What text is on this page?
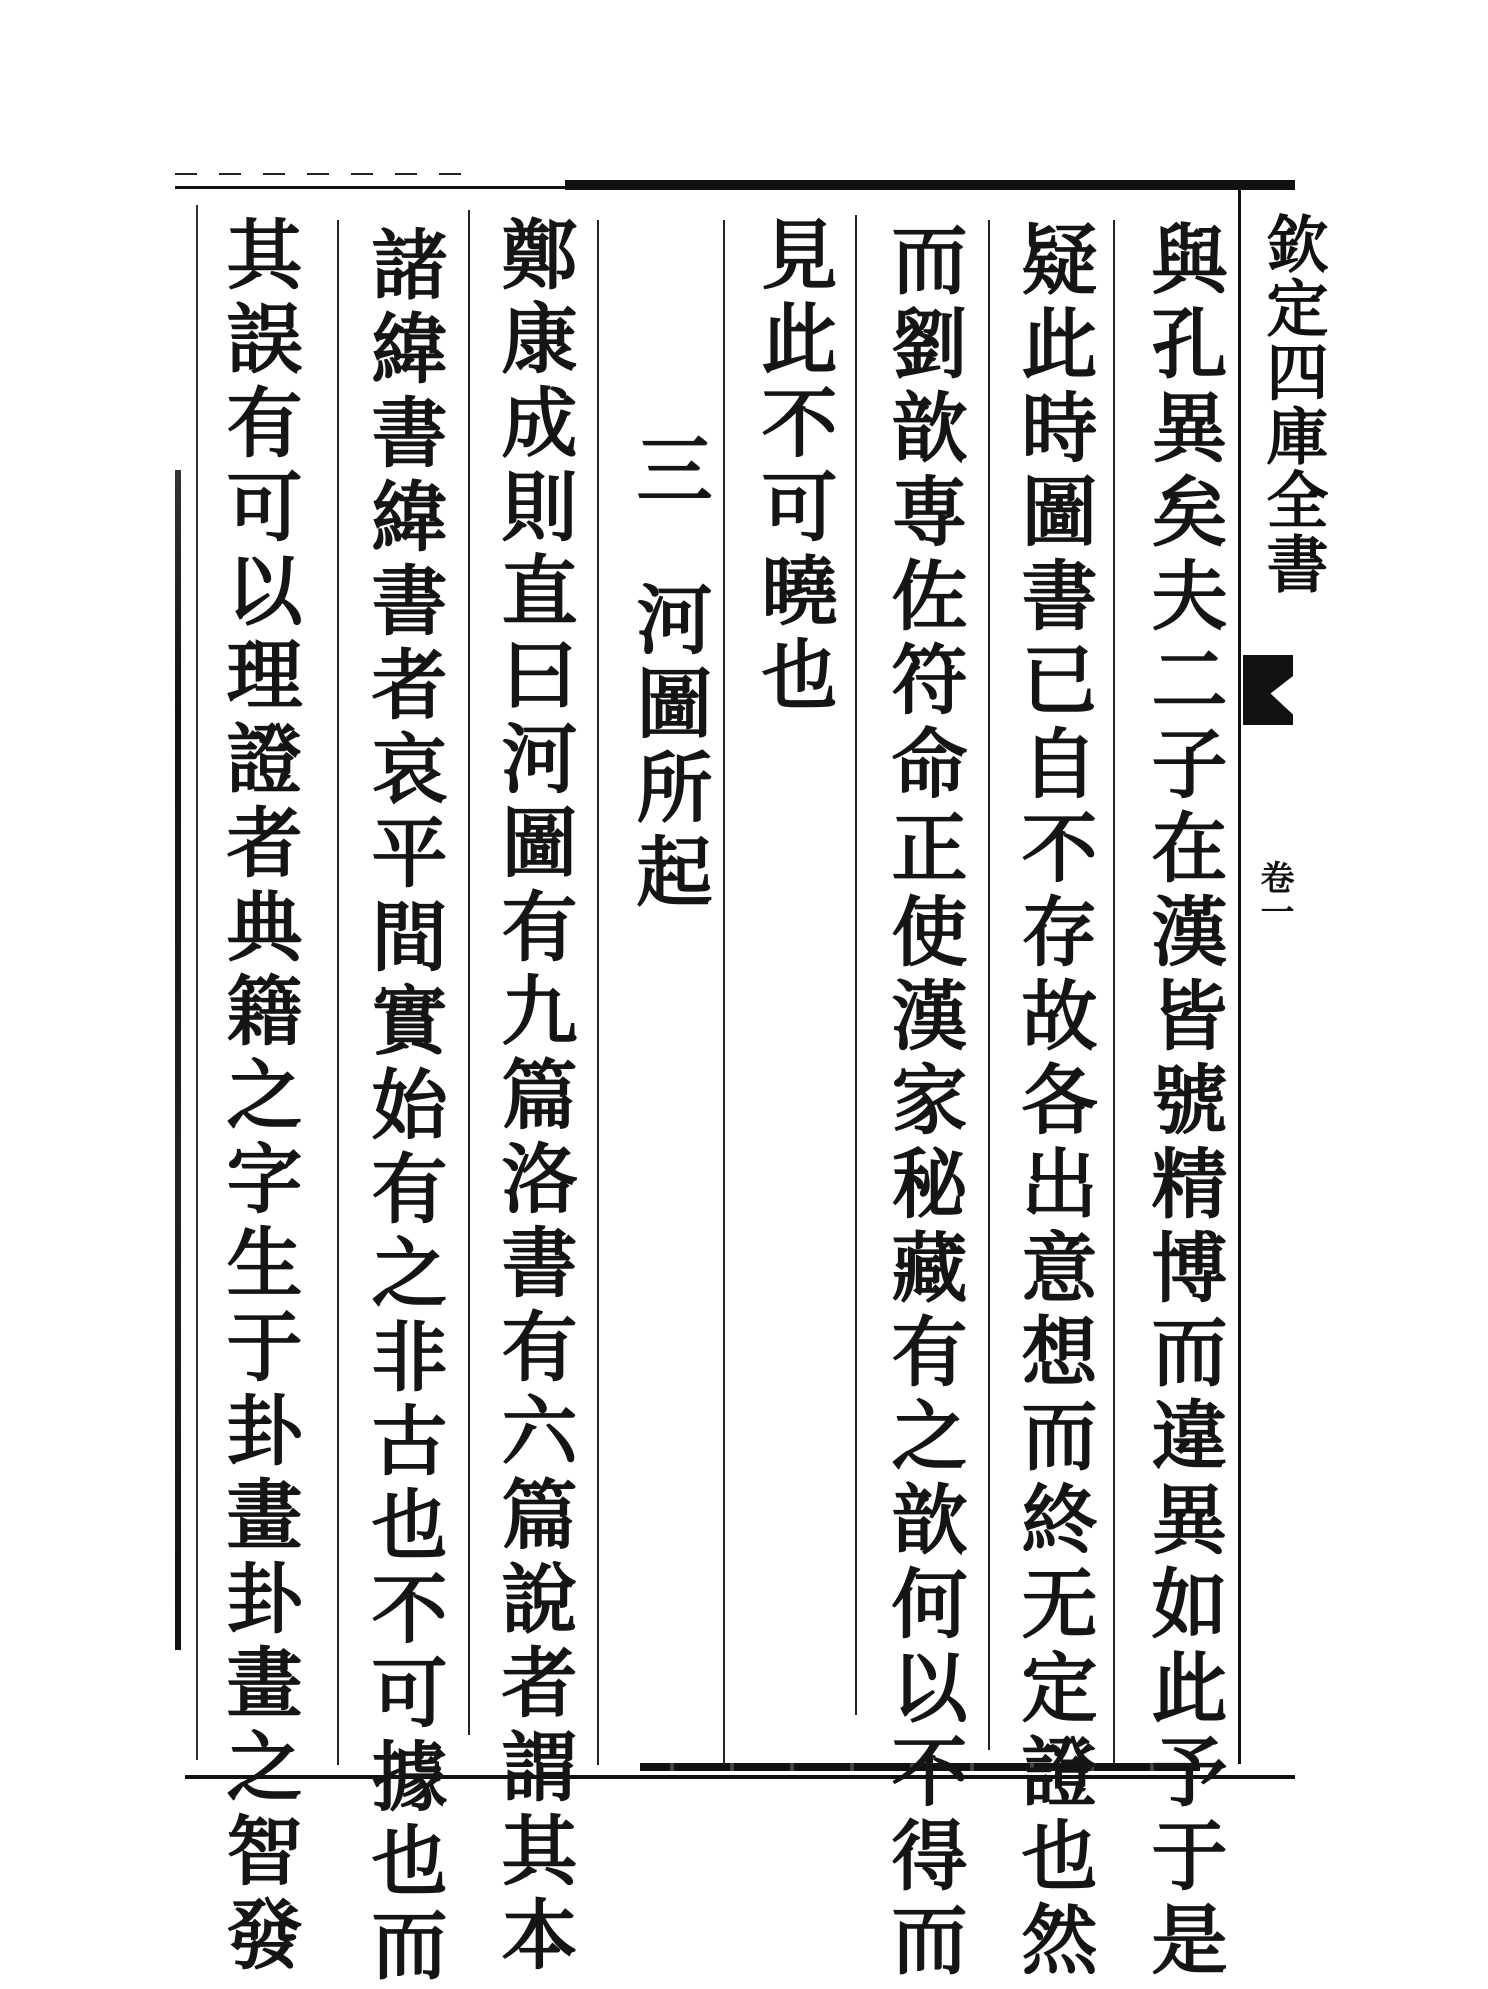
其誤有可以理證者典籍之字生于卦畫卦畫之智發 諸緯書緯書者哀平間實始有之非古也不可據也而 鄭康成則直曰河圖有九篇洛書有六篇說者謂其本 三
河圖所起
見此不可曉也 而劉歆専佐符命正使漢家秘藏有之歆何以不得而 疑此時圖書已自不存故各出意想而終无定證也然 與孔異矣夫二子在漢皆號精博而違異如此予于是 欽定四庫全書
卷一
